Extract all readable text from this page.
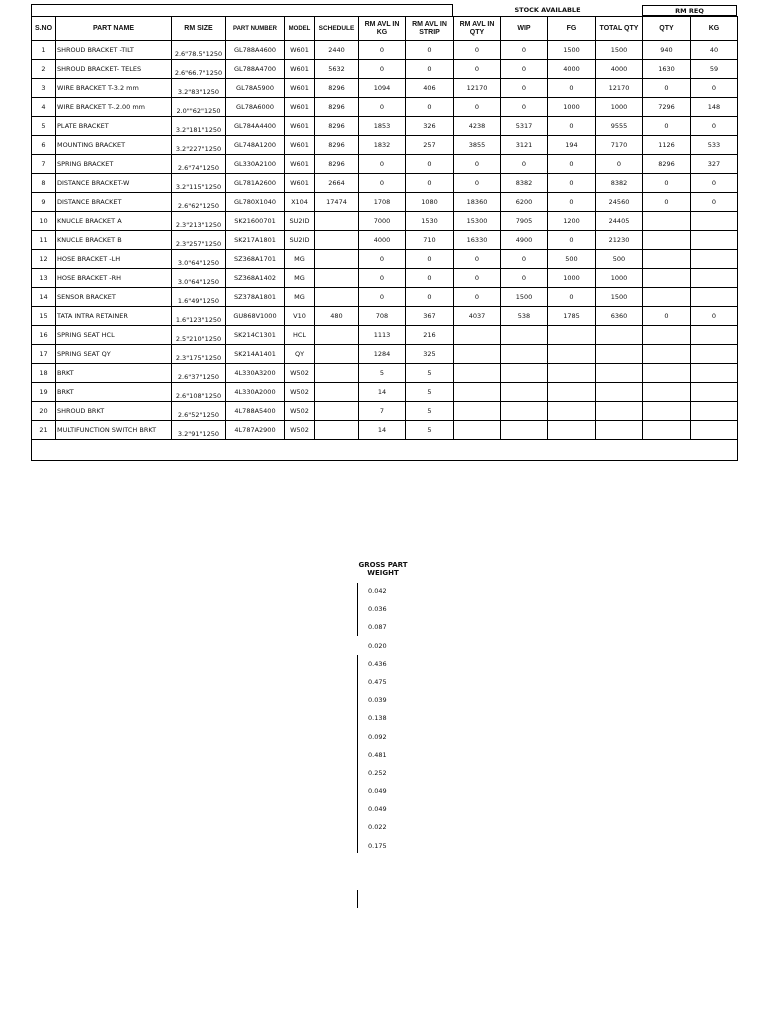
STOCK AVAILABLE	RM REQ
S.NO	PART NAME	RM SIZE	PART NUMBER	MODEL	SCHEDULE	RM AVL IN KG	RM AVL IN STRIP	RM AVL IN QTY	WIP	FG	TOTAL QTY	QTY	KG
1	SHROUD BRACKET -TILT	2.6"78.5"1250	GL788A4600	W601	2440	0	0	0	0	1500	1500	940	40
2	SHROUD BRACKET- TELES	2.6"66.7"1250	GL788A4700	W601	5632	0	0	0	0	4000	4000	1630	59
3	WIRE BRACKET T-3.2 mm	3.2"83"1250	GL78A5900	W601	8296	1094	406	12170	0	0	12170	0	0
4	WIRE BRACKET T-.2.00 mm	2.0""62"1250	GL78A6000	W601	8296	0	0	0	0	1000	1000	7296	148
5	PLATE BRACKET	3.2"181"1250	GL784A4400	W601	8296	1853	326	4238	5317	0	9555	0	0
6	MOUNTING BRACKET	3.2"227"1250	GL748A1200	W601	8296	1832	257	3855	3121	194	7170	1126	533
7	SPRING BRACKET	2.6"74"1250	GL330A2100	W601	8296	0	0	0	0	0	0	8296	327
8	DISTANCE BRACKET-W	3.2"115"1250	GL781A2600	W601	2664	0	0	0	8382	0	8382	0	0
9	DISTANCE BRACKET	2.6"62"1250	GL780X1040	X104	17474	1708	1080	18360	6200	0	24560	0	0
10	KNUCLE BRACKET A	2.3"213"1250	SK21600701	SU2ID		7000	1530	15300	7905	1200	24405		
11	KNUCLE BRACKET B	2.3"257"1250	SK217A1801	SU2ID		4000	710	16330	4900	0	21230		
12	HOSE BRACKET -LH	3.0"64"1250	SZ368A1701	MG		0	0	0	0	500	500		
13	HOSE BRACKET -RH	3.0"64"1250	SZ368A1402	MG		0	0	0	0	1000	1000		
14	SENSOR BRACKET	1.6"49"1250	SZ378A1801	MG		0	0	0	1500	0	1500		
15	TATA INTRA RETAINER	1.6"123"1250	GU868V1000	V10	480	708	367	4037	538	1785	6360	0	0
16	SPRING SEAT HCL	2.5"210"1250	SK214C1301	HCL		1113	216						
17	SPRING SEAT QY	2.3"175"1250	SK214A1401	QY		1284	325						
18	BRKT	2.6"37"1250	4L330A3200	W502		5	5						
19	BRKT	2.6"108"1250	4L330A2000	W502		14	5						
20	SHROUD BRKT	2.6"52"1250	4L788A5400	W502		7	5						
21	MULTIFUNCTION SWITCH BRKT	3.2"91"1250	4L787A2900	W502		14	5						

GROSS PART WEIGHT
0.042
0.036
0.087
0.020
0.436
0.475
0.039
0.138
0.092
0.481
0.252
0.049
0.049
0.022
0.175
